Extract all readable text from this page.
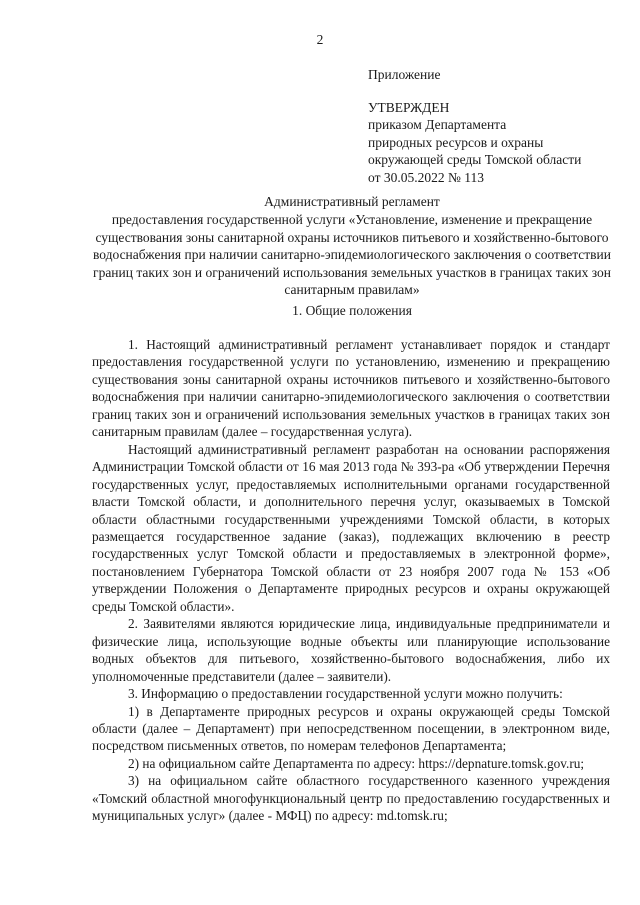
2
Приложение
УТВЕРЖДЕН
приказом Департамента
природных ресурсов и охраны
окружающей среды Томской области
от 30.05.2022 № 113
Административный регламент
предоставления государственной услуги «Установление, изменение и прекращение существования зоны санитарной охраны источников питьевого и хозяйственно-бытового водоснабжения при наличии санитарно-эпидемиологического заключения о соответствии границ таких зон и ограничений использования земельных участков в границах таких зон санитарным правилам»
1. Общие положения

1. Настоящий административный регламент устанавливает порядок и стандарт предоставления государственной услуги по установлению, изменению и прекращению существования зоны санитарной охраны источников питьевого и хозяйственно-бытового водоснабжения при наличии санитарно-эпидемиологического заключения о соответствии границ таких зон и ограничений использования земельных участков в границах таких зон санитарным правилам (далее – государственная услуга).

Настоящий административный регламент разработан на основании распоряжения Администрации Томской области от 16 мая 2013 года № 393-ра «Об утверждении Перечня государственных услуг, предоставляемых исполнительными органами государственной власти Томской области, и дополнительного перечня услуг, оказываемых в Томской области областными государственными учреждениями Томской области, в которых размещается государственное задание (заказ), подлежащих включению в реестр государственных услуг Томской области и предоставляемых в электронной форме», постановлением Губернатора Томской области от 23 ноября 2007 года № 153 «Об утверждении Положения о Департаменте природных ресурсов и охраны окружающей среды Томской области».

2. Заявителями являются юридические лица, индивидуальные предприниматели и физические лица, использующие водные объекты или планирующие использование водных объектов для питьевого, хозяйственно-бытового водоснабжения, либо их уполномоченные представители (далее – заявители).

3. Информацию о предоставлении государственной услуги можно получить:

1) в Департаменте природных ресурсов и охраны окружающей среды Томской области (далее – Департамент) при непосредственном посещении, в электронном виде, посредством письменных ответов, по номерам телефонов Департамента;

2) на официальном сайте Департамента по адресу: https://depnature.tomsk.gov.ru;

3) на официальном сайте областного государственного казенного учреждения «Томский областной многофункциональный центр по предоставлению государственных и муниципальных услуг» (далее - МФЦ) по адресу: md.tomsk.ru;
